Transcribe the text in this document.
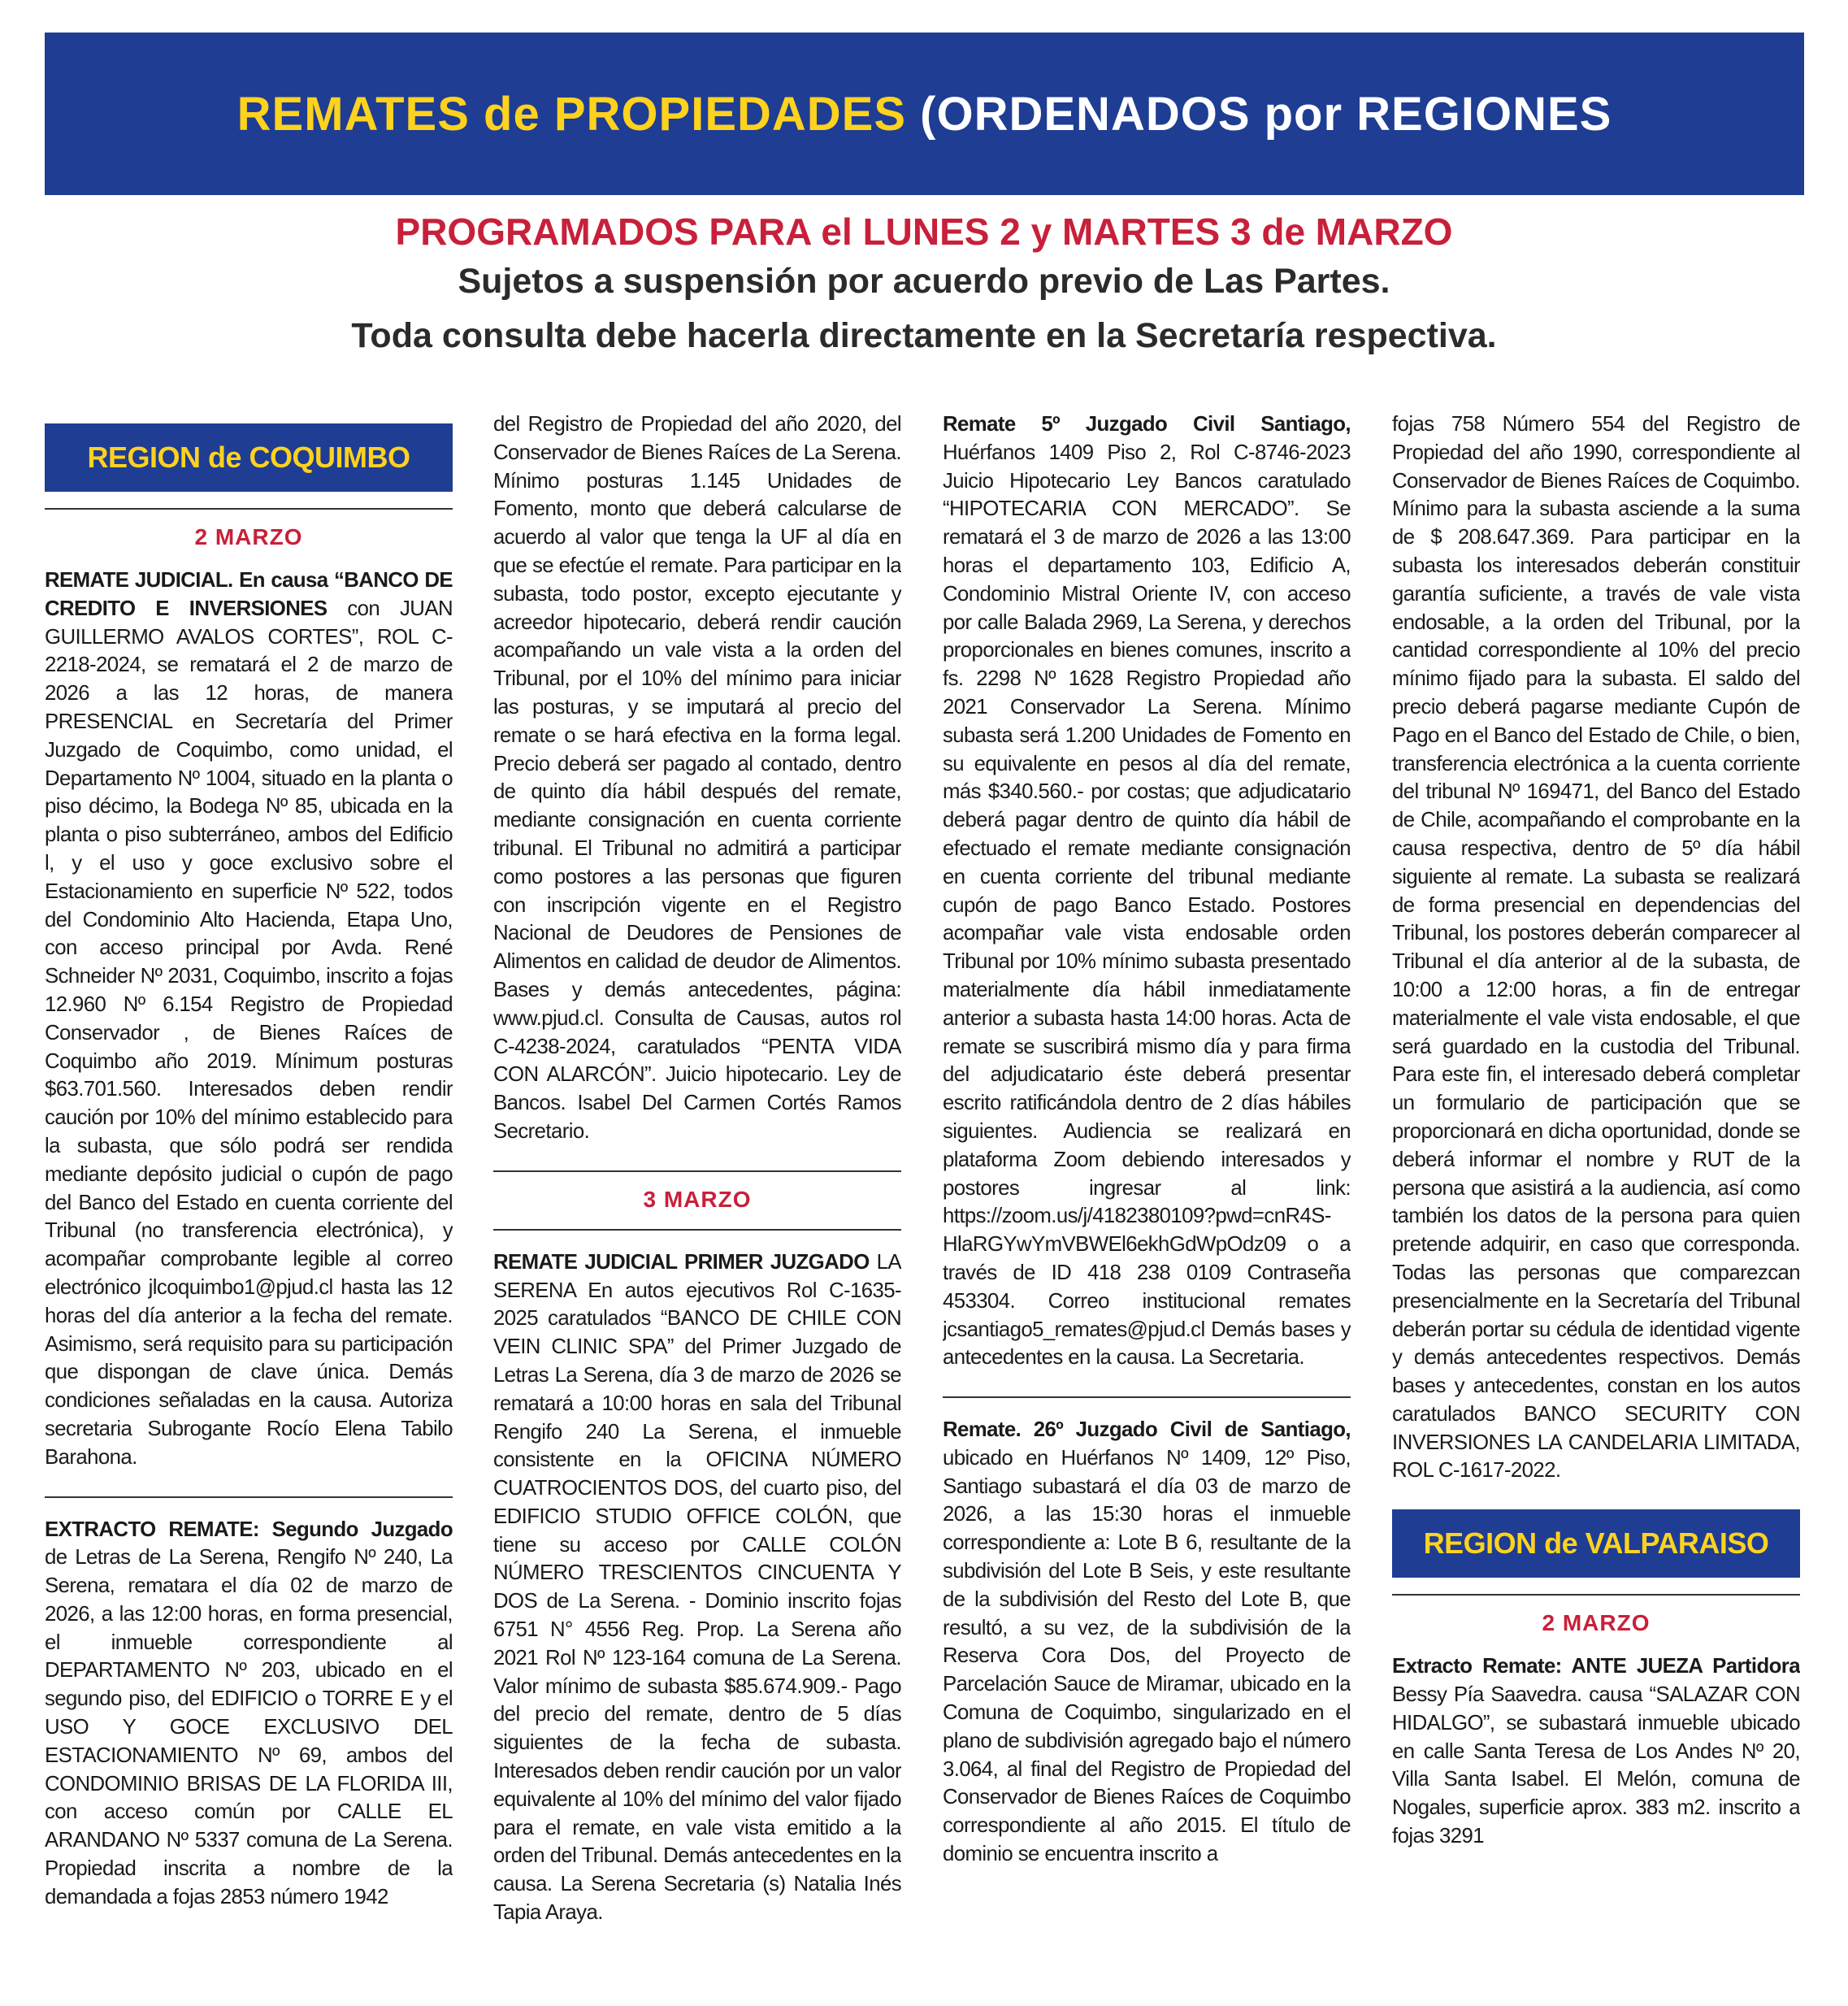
REMATES de PROPIEDADES (ORDENADOS por REGIONES
PROGRAMADOS PARA el LUNES 2 y MARTES 3 de MARZO
Sujetos a suspensión por acuerdo previo de Las Partes.
Toda consulta debe hacerla directamente en la Secretaría respectiva.
REGION de COQUIMBO
2 MARZO

REMATE JUDICIAL. En causa “BANCO DE CREDITO E INVERSIONES con JUAN GUILLERMO AVALOS CORTES”, ROL C-2218-2024, se rematará el 2 de marzo de 2026 a las 12 horas, de manera PRESENCIAL en Secretaría del Primer Juzgado de Coquimbo, como unidad, el Departamento Nº 1004, situado en la planta o piso décimo, la Bodega Nº 85, ubicada en la planta o piso subterráneo, ambos del Edificio l, y el uso y goce exclusivo sobre el Estacionamiento en superficie Nº 522, todos del Condominio Alto Hacienda, Etapa Uno, con acceso principal por Avda. René Schneider Nº 2031, Coquimbo, inscrito a fojas 12.960 Nº 6.154 Registro de Propiedad Conservador , de Bienes Raíces de Coquimbo año 2019. Mínimum posturas $63.701.560. Interesados deben rendir caución por 10% del mínimo establecido para la subasta, que sólo podrá ser rendida mediante depósito judicial o cupón de pago del Banco del Estado en cuenta corriente del Tribunal (no transferencia electrónica), y acompañar comprobante legible al correo electrónico jlcoquimbo1@pjud.cl hasta las 12 horas del día anterior a la fecha del remate. Asimismo, será requisito para su participación que dispongan de clave única. Demás condiciones señaladas en la causa. Autoriza secretaria Subrogante Rocío Elena Tabilo Barahona.

EXTRACTO REMATE: Segundo Juzgado de Letras de La Serena, Rengifo Nº 240, La Serena, rematara el día 02 de marzo de 2026, a las 12:00 horas, en forma presencial, el inmueble correspondiente al DEPARTAMENTO Nº 203, ubicado en el segundo piso, del EDIFICIO o TORRE E y el USO Y GOCE EXCLUSIVO DEL ESTACIONAMIENTO Nº 69, ambos del CONDOMINIO BRISAS DE LA FLORIDA III, con acceso común por CALLE EL ARANDANO Nº 5337 comuna de La Serena. Propiedad inscrita a nombre de la demandada a fojas 2853 número 1942

del Registro de Propiedad del año 2020, del Conservador de Bienes Raíces de La Serena. Mínimo posturas 1.145 Unidades de Fomento, monto que deberá calcularse de acuerdo al valor que tenga la UF al día en que se efectúe el remate. Para participar en la subasta, todo postor, excepto ejecutante y acreedor hipotecario, deberá rendir caución acompañando un vale vista a la orden del Tribunal, por el 10% del mínimo para iniciar las posturas, y se imputará al precio del remate o se hará efectiva en la forma legal. Precio deberá ser pagado al contado, dentro de quinto día hábil después del remate, mediante consignación en cuenta corriente tribunal. El Tribunal no admitirá a participar como postores a las personas que figuren con inscripción vigente en el Registro Nacional de Deudores de Pensiones de Alimentos en calidad de deudor de Alimentos. Bases y demás antecedentes, página: www.pjud.cl. Consulta de Causas, autos rol C-4238-2024, caratulados “PENTA VIDA CON ALARCÓN”. Juicio hipotecario. Ley de Bancos. Isabel Del Carmen Cortés Ramos Secretario.

3 MARZO

REMATE JUDICIAL PRIMER JUZGADO LA SERENA En autos ejecutivos Rol C-1635-2025 caratulados “BANCO DE CHILE CON VEIN CLINIC SPA” del Primer Juzgado de Letras La Serena, día 3 de marzo de 2026 se rematará a 10:00 horas en sala del Tribunal Rengifo 240 La Serena, el inmueble consistente en la OFICINA NÚMERO CUATROCIENTOS DOS, del cuarto piso, del EDIFICIO STUDIO OFFICE COLÓN, que tiene su acceso por CALLE COLÓN NÚMERO TRESCIENTOS CINCUENTA Y DOS de La Serena. - Dominio inscrito fojas 6751 N° 4556 Reg. Prop. La Serena año 2021 Rol Nº 123-164 comuna de La Serena. Valor mínimo de subasta $85.674.909.- Pago del precio del remate, dentro de 5 días siguientes de la fecha de subasta. Interesados deben rendir caución por un valor equivalente al 10% del mínimo del valor fijado para el remate, en vale vista emitido a la orden del Tribunal. Demás antecedentes en la causa. La Serena Secretaria (s) Natalia Inés Tapia Araya.

Remate 5º Juzgado Civil Santiago, Huérfanos 1409 Piso 2, Rol C-8746-2023 Juicio Hipotecario Ley Bancos caratulado “HIPOTECARIA CON MERCADO”. Se rematará el 3 de marzo de 2026 a las 13:00 horas el departamento 103, Edificio A, Condominio Mistral Oriente IV, con acceso por calle Balada 2969, La Serena, y derechos proporcionales en bienes comunes, inscrito a fs. 2298 Nº 1628 Registro Propiedad año 2021 Conservador La Serena. Mínimo subasta será 1.200 Unidades de Fomento en su equivalente en pesos al día del remate, más $340.560.- por costas; que adjudicatario deberá pagar dentro de quinto día hábil de efectuado el remate mediante consignación en cuenta corriente del tribunal mediante cupón de pago Banco Estado. Postores acompañar vale vista endosable orden Tribunal por 10% mínimo subasta presentado materialmente día hábil inmediatamente anterior a subasta hasta 14:00 horas. Acta de remate se suscribirá mismo día y para firma del adjudicatario éste deberá presentar escrito ratificándola dentro de 2 días hábiles siguientes. Audiencia se realizará en plataforma Zoom debiendo interesados y postores ingresar al link: https://zoom.us/j/4182380109?pwd=cnR4S-HlaRGYwYmVBWEl6ekhGdWpOdz09 o a través de ID 418 238 0109 Contraseña 453304. Correo institucional remates jcsantiago5_remates@pjud.cl Demás bases y antecedentes en la causa. La Secretaria.

Remate. 26º Juzgado Civil de Santiago, ubicado en Huérfanos Nº 1409, 12º Piso, Santiago subastará el día 03 de marzo de 2026, a las 15:30 horas el inmueble correspondiente a: Lote B 6, resultante de la subdivisión del Lote B Seis, y este resultante de la subdivisión del Resto del Lote B, que resultó, a su vez, de la subdivisión de la Reserva Cora Dos, del Proyecto de Parcelación Sauce de Miramar, ubicado en la Comuna de Coquimbo, singularizado en el plano de subdivisión agregado bajo el número 3.064, al final del Registro de Propiedad del Conservador de Bienes Raíces de Coquimbo correspondiente al año 2015. El título de dominio se encuentra inscrito a

fojas 758 Número 554 del Registro de Propiedad del año 1990, correspondiente al Conservador de Bienes Raíces de Coquimbo. Mínimo para la subasta asciende a la suma de $ 208.647.369. Para participar en la subasta los interesados deberán constituir garantía suficiente, a través de vale vista endosable, a la orden del Tribunal, por la cantidad correspondiente al 10% del precio mínimo fijado para la subasta. El saldo del precio deberá pagarse mediante Cupón de Pago en el Banco del Estado de Chile, o bien, transferencia electrónica a la cuenta corriente del tribunal Nº 169471, del Banco del Estado de Chile, acompañando el comprobante en la causa respectiva, dentro de 5º día hábil siguiente al remate. La subasta se realizará de forma presencial en dependencias del Tribunal, los postores deberán comparecer al Tribunal el día anterior al de la subasta, de 10:00 a 12:00 horas, a fin de entregar materialmente el vale vista endosable, el que será guardado en la custodia del Tribunal. Para este fin, el interesado deberá completar un formulario de participación que se proporcionará en dicha oportunidad, donde se deberá informar el nombre y RUT de la persona que asistirá a la audiencia, así como también los datos de la persona para quien pretende adquirir, en caso que corresponda. Todas las personas que comparezcan presencialmente en la Secretaría del Tribunal deberán portar su cédula de identidad vigente y demás antecedentes respectivos. Demás bases y antecedentes, constan en los autos caratulados BANCO SECURITY CON INVERSIONES LA CANDELARIA LIMITADA, ROL C-1617-2022.

REGION de VALPARAISO
2 MARZO

Extracto Remate: ANTE JUEZA Partidora Bessy Pía Saavedra. causa “SALAZAR CON HIDALGO”, se subastará inmueble ubicado en calle Santa Teresa de Los Andes Nº 20, Villa Santa Isabel. El Melón, comuna de Nogales, superficie aprox. 383 m2. inscrito a fojas 3291
